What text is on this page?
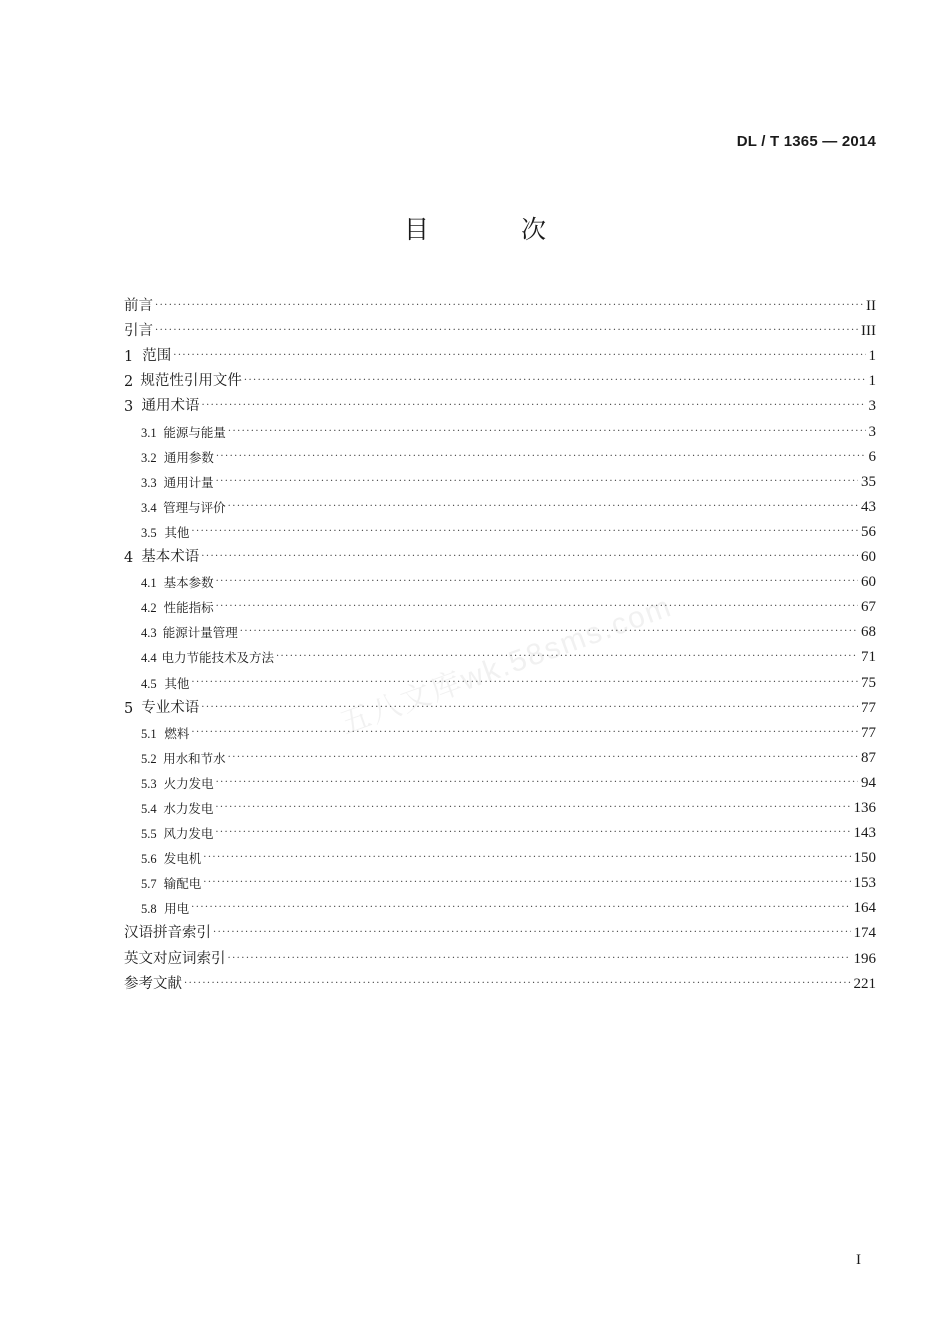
DL / T 1365 — 2014
目 次
前言 ·····	II
引言 ·····	III
1 范围 ·····	1
2 规范性引用文件 ·····	1
3 通用术语 ·····	3
3.1 能源与能量 ·····	3
3.2 通用参数 ·····	6
3.3 通用计量 ·····	35
3.4 管理与评价 ·····	43
3.5 其他 ·····	56
4 基本术语 ·····	60
4.1 基本参数 ·····	60
4.2 性能指标 ·····	67
4.3 能源计量管理 ·····	68
4.4 电力节能技术及方法 ·····	71
4.5 其他 ·····	75
5 专业术语 ·····	77
5.1 燃料 ·····	77
5.2 用水和节水 ·····	87
5.3 火力发电 ·····	94
5.4 水力发电 ·····	136
5.5 风力发电 ·····	143
5.6 发电机 ·····	150
5.7 输配电 ·····	153
5.8 用电 ·····	164
汉语拼音索引 ·····	174
英文对应词索引 ·····	196
参考文献 ·····	221
五八文库wk.58sms.com
I
